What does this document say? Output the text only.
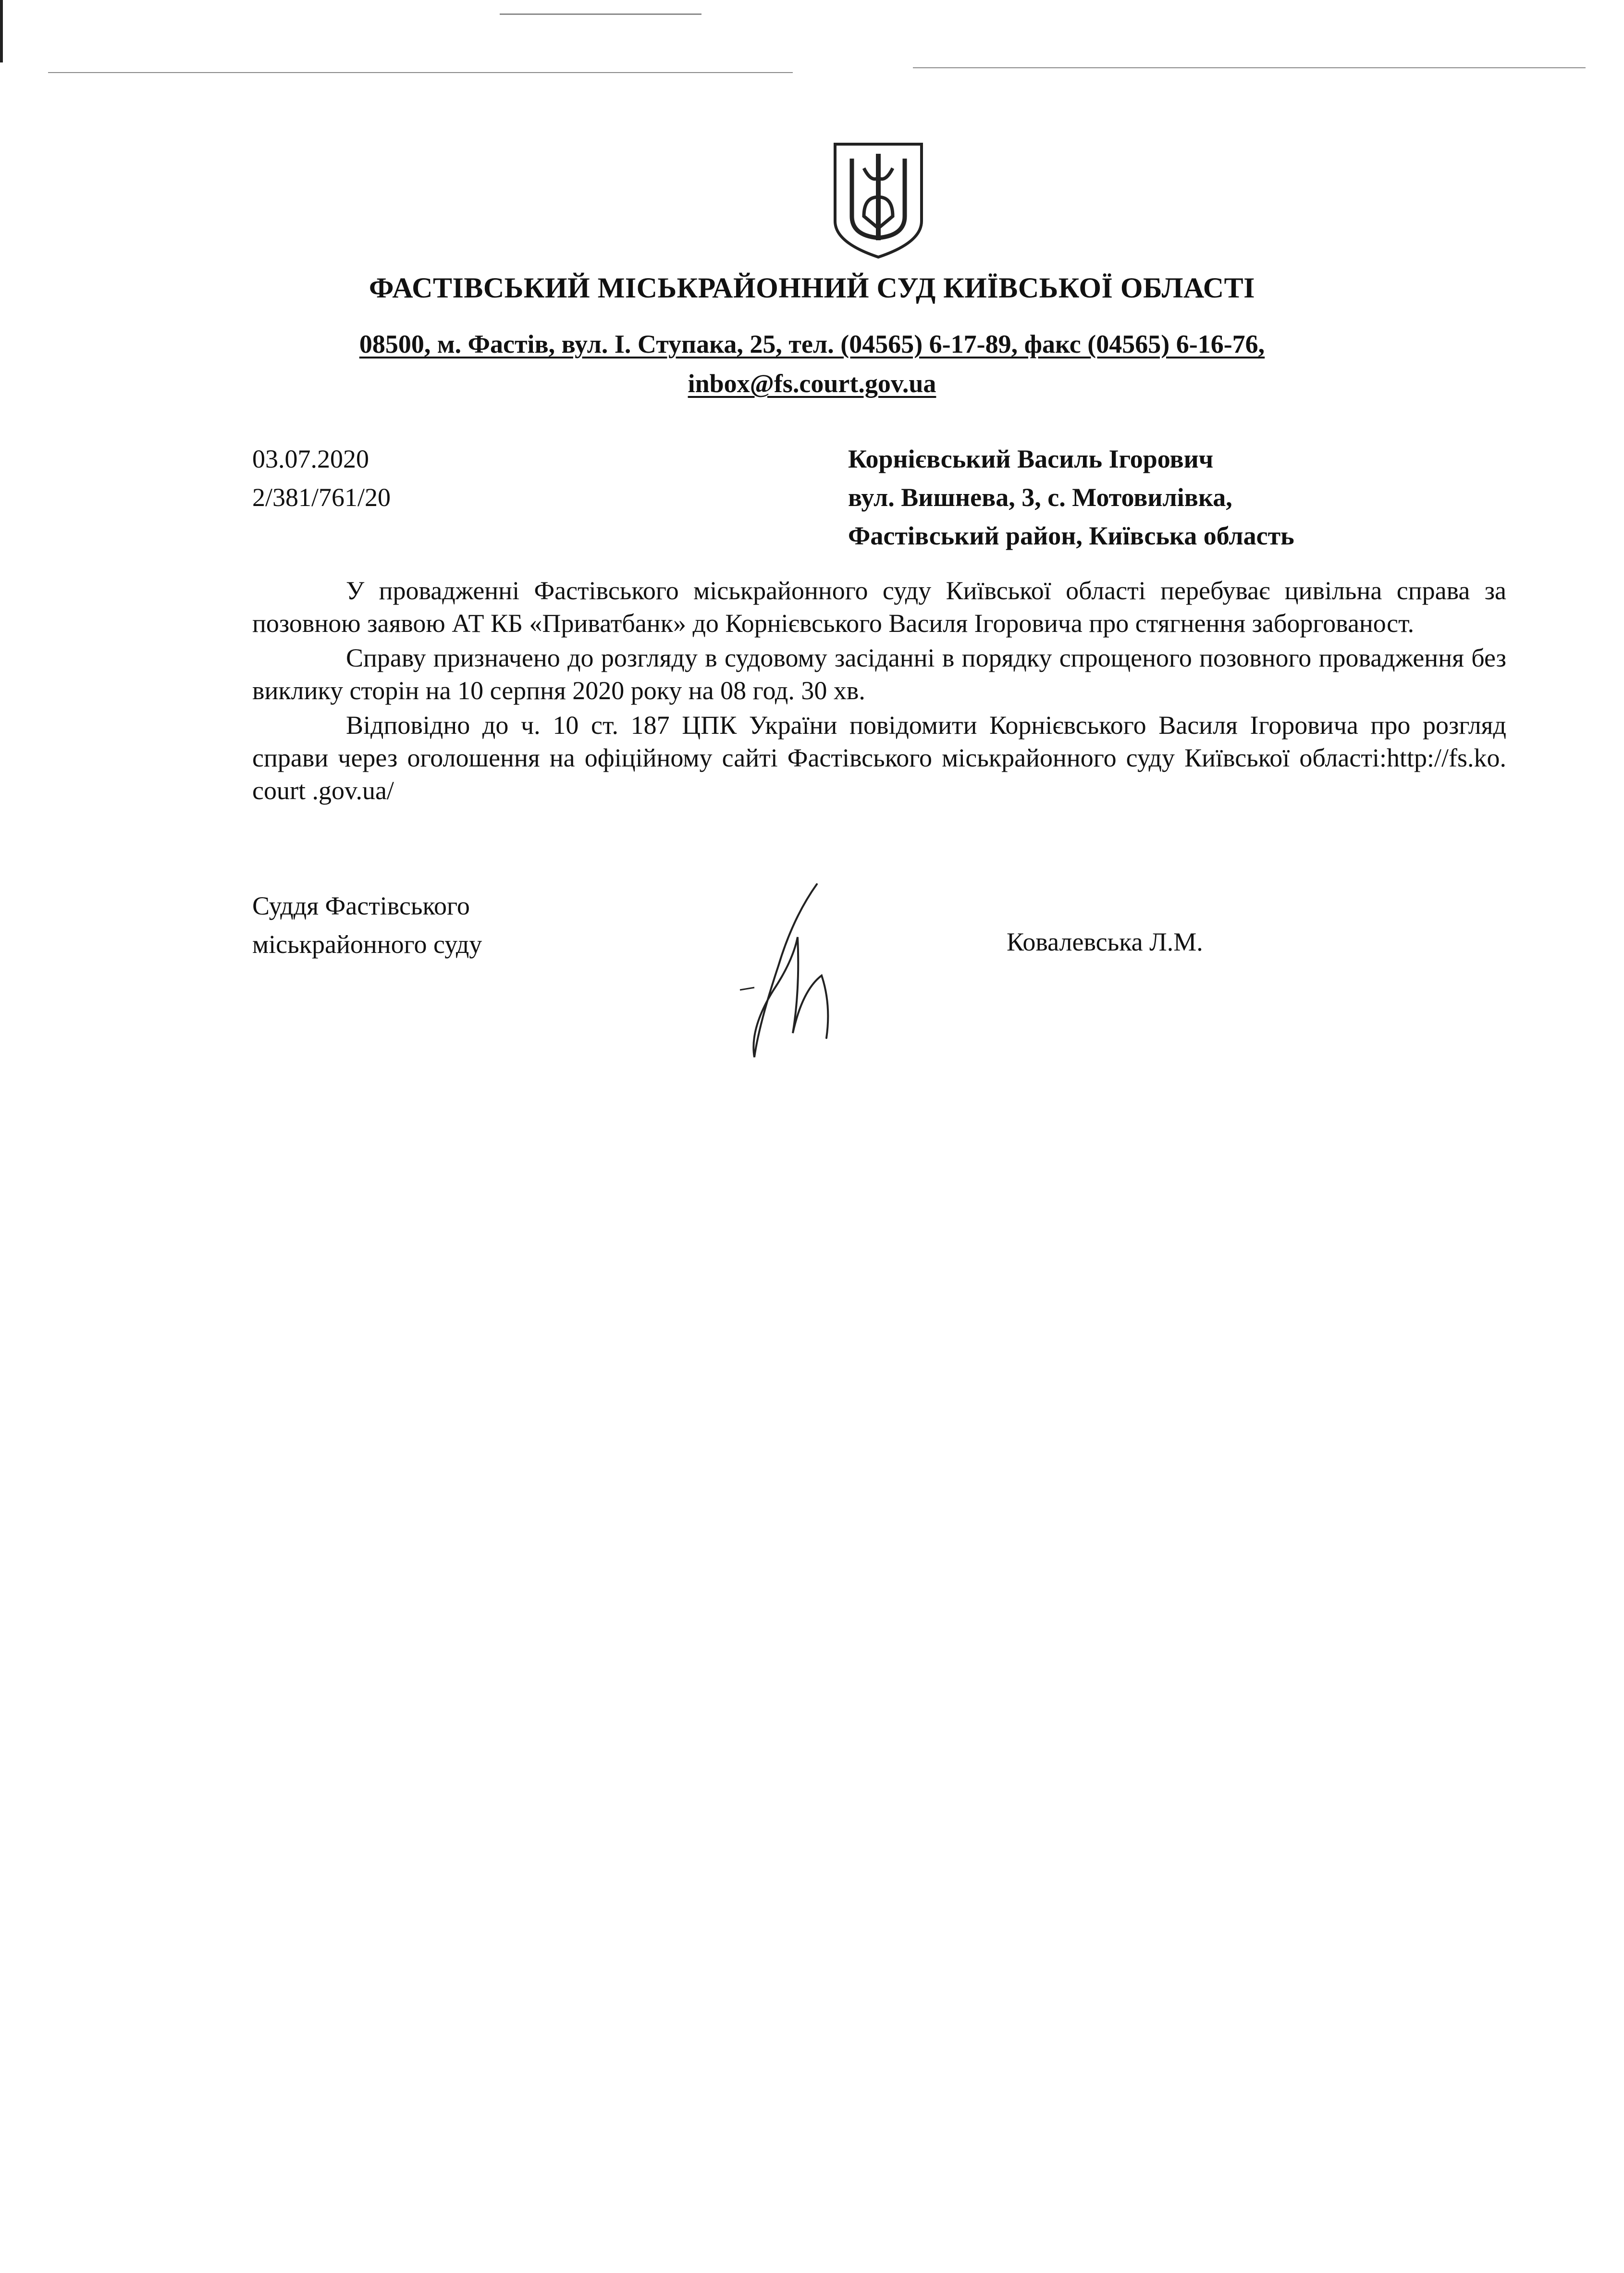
ФАСТІВСЬКИЙ МІСЬКРАЙОННИЙ СУД КИЇВСЬКОЇ ОБЛАСТІ
08500, м. Фастів, вул. І. Ступака, 25, тел. (04565) 6-17-89, факс (04565) 6-16-76,
inbox@fs.court.gov.ua
03.07.2020
2/381/761/20
Корнієвський Василь Ігорович
вул. Вишнева, 3, с. Мотовилівка,
Фастівський район, Київська область

У провадженні Фастівського міськрайонного суду Київської області перебуває цивільна справа за позовною заявою АТ КБ «Приватбанк» до Корнієвського Василя Ігоровича про стягнення заборгованост.

Справу призначено до розгляду в судовому засіданні в порядку спрощеного позовного провадження без виклику сторін на 10 серпня 2020 року на 08 год. 30 хв.

Відповідно до ч. 10 ст. 187 ЦПК України повідомити Корнієвського Василя Ігоровича про розгляд справи через оголошення на офіційному сайті Фастівського міськрайонного суду Київської області:http://fs.ko. court .gov.ua/

Суддя Фастівського
міськрайонного суду	Ковалевська Л.М.
